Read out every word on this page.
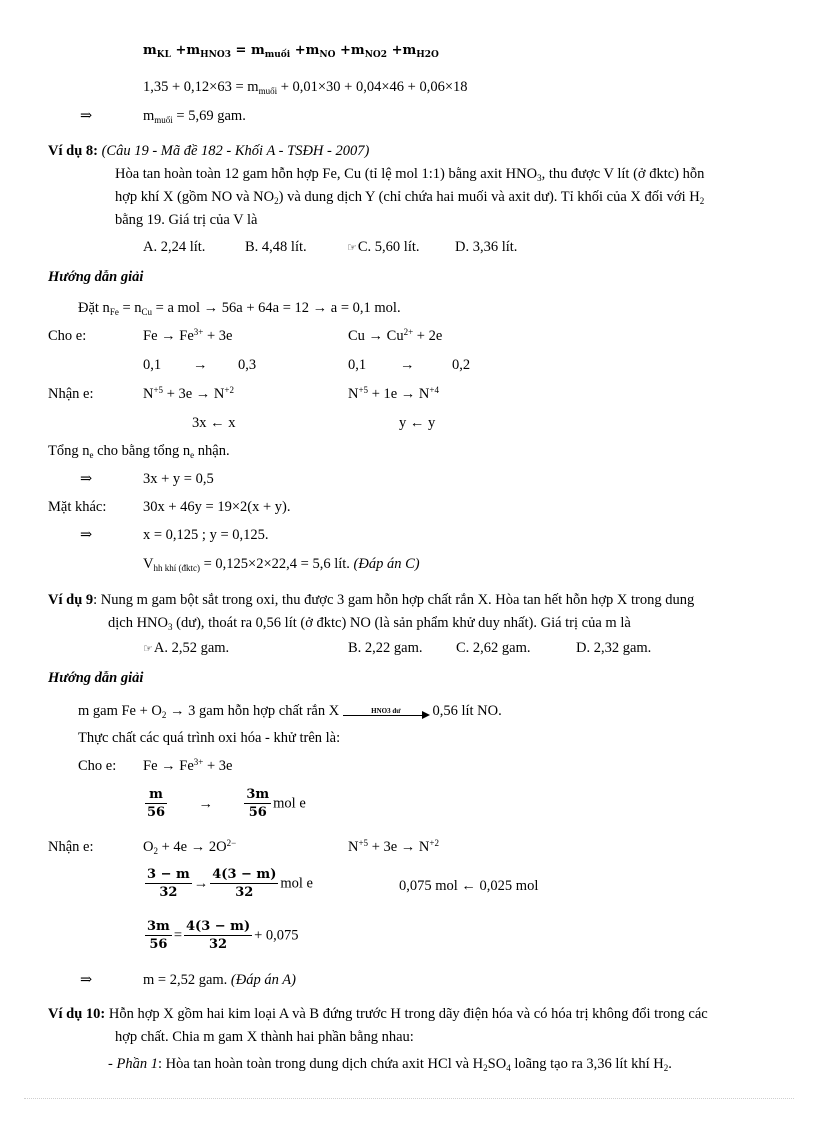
$m_{KL} +m_{HNO3} = m_{muối} +m_{NO} +m_{NO2} +m_{H2O}$
$1,35 + 0,12\times 63 = m_{muối} + 0,01\times 30 + 0,04\times 46 + 0,06\times 18$
⇒	$m_{muối} = 5,69$ gam.
Ví dụ 8: (Câu 19 - Mã đề 182 - Khối A - TSĐH - 2007)
Hòa tan hoàn toàn 12 gam hỗn hợp Fe, Cu (tỉ lệ mol 1:1) bằng axit $HNO_3$, thu được V lít (ở đktc) hỗn
hợp khí X (gồm NO và $NO_2$) và dung dịch Y (chỉ chứa hai muối và axit dư). Tỉ khối của X đối với $H_2$
bằng 19. Giá trị của V là
A. 2,24 lít.	B. 4,48 lít.	☞C. 5,60 lít. D. 3,36 lít.
Hướng dẫn giải
Đặt $n_{Fe} = n_{Cu} = a$ mol → 56a + 64a = 12 → a = 0,1 mol.
Cho e:	$Fe \to Fe^{3+} + 3e$	$Cu \to Cu^{2+} + 2e$
0,1 → 0,3	0,1 →	0,2
Nhận e:	$N^{+5} + 3e \to N^{+2}$	$N^{+5} + 1e \to N^{+4}$
3x ← x	y ← y
Tổng $n_e$ cho bằng tổng $n_e$ nhận.
⇒	3x + y = 0,5
Mặt khác:	30x + 46y = 19×2(x + y).
⇒	x = 0,125 ; y = 0,125.
$V_{hh khí (đktc)} = 0,125\times 2\times 22,4 = 5,6$ lít. (Đáp án C)
Ví dụ 9: Nung m gam bột sắt trong oxi, thu được 3 gam hỗn hợp chất rắn X. Hòa tan hết hỗn hợp X trong dung
dịch $HNO_3$ (dư), thoát ra 0,56 lít (ở đktc) NO (là sản phẩm khử duy nhất). Giá trị của m là
☞A. 2,52 gam.	B. 2,22 gam. C. 2,62 gam.	D. 2,32 gam.
Hướng dẫn giải
m gam $Fe + O_2 \to 3$ gam hỗn hợp chất rắn X	HNO3 dư	0,56 lít NO.
Thực chất các quá trình oxi hóa - khử trên là:
Cho e: $Fe \to Fe^{3+} + 3e$
$\frac{m}{56} \to \frac{3m}{56}$ mol e
Nhận e:	$O_2 + 4e \to 2O^{2-}$	$N^{+5} + 3e \to N^{+2}$
$\frac{3 - m}{32} \to \frac{4(3 - m)}{32}$ mol e	0,075 mol ← 0,025 mol
$\frac{3m}{56} = \frac{4(3 - m)}{32} + 0,075$
⇒	m = 2,52 gam. (Đáp án A)
Ví dụ 10: Hỗn hợp X gồm hai kim loại A và B đứng trước H trong dãy điện hóa và có hóa trị không đổi trong các
hợp chất. Chia m gam X thành hai phần bằng nhau:
- Phần 1: Hòa tan hoàn toàn trong dung dịch chứa axit HCl và $H_2SO_4$ loãng tạo ra 3,36 lít khí $H_2$.
